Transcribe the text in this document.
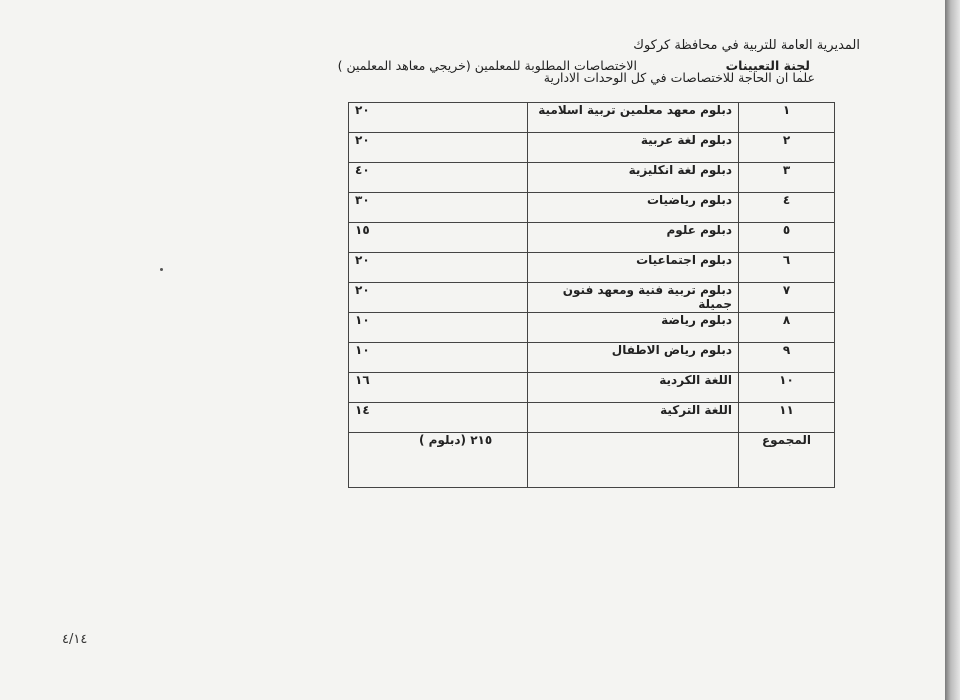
المديرية العامة للتربية في محافظة كركوك
لجنة التعيينات
الاختصاصات المطلوبة للمعلمين (خريجي معاهد المعلمين )
علما ان الحاجة للاختصاصات في كل الوحدات الادارية
١	دبلوم معهد معلمين تربية اسلامية	٢٠
٢	دبلوم لغة عربية	٢٠
٣	دبلوم لغة انكليزية	٤٠
٤	دبلوم رياضيات	٣٠
٥	دبلوم علوم	١٥
٦	دبلوم اجتماعيات	٢٠
٧	دبلوم تربية فنية ومعهد فنون جميلة	٢٠
٨	دبلوم رياضة	١٠
٩	دبلوم رياض الاطفال	١٠
١٠	اللغة الكردية	١٦
١١	اللغة التركية	١٤
المجموع		٢١٥ (دبلوم )
٤/١٤
